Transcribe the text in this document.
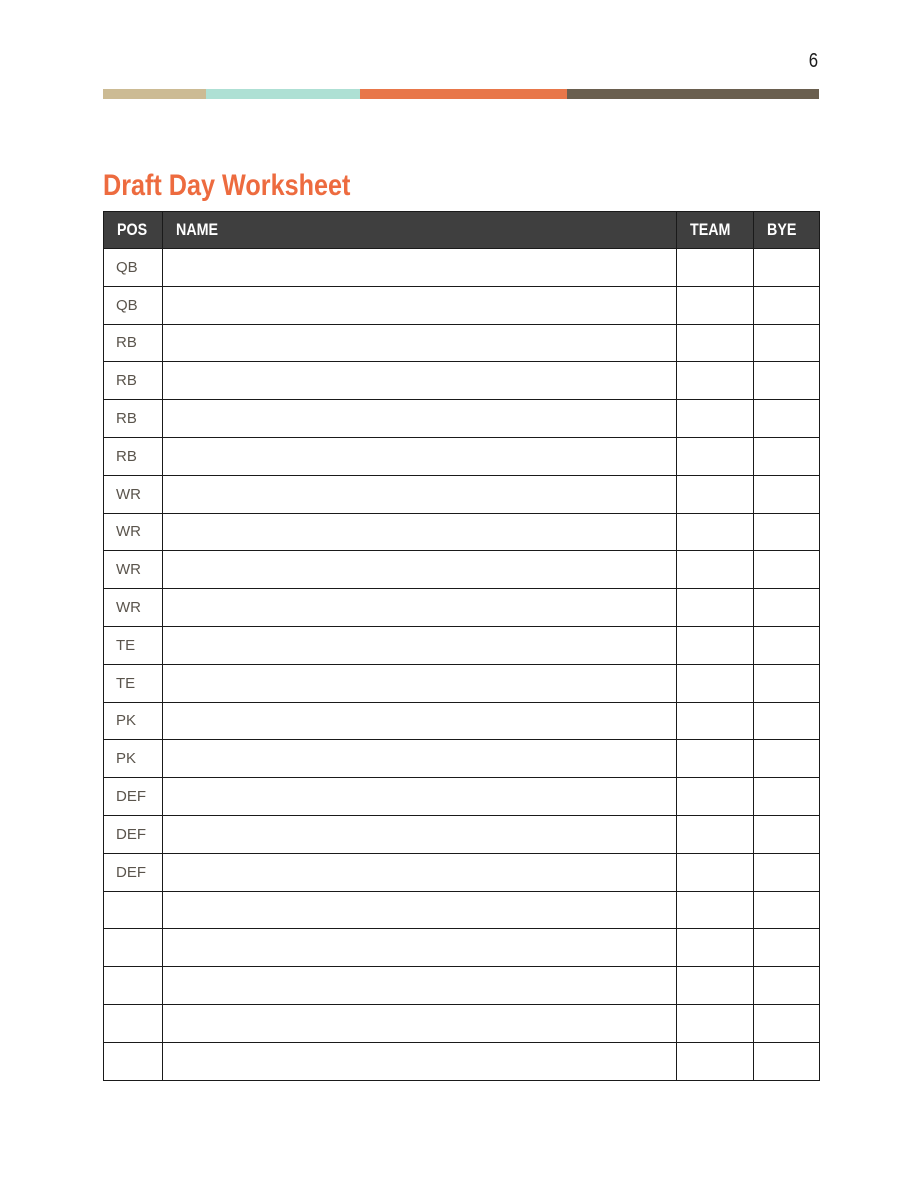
6
Draft Day Worksheet
POS	NAME	TEAM	BYE
QB			
QB			
RB			
RB			
RB			
RB			
WR			
WR			
WR			
WR			
TE			
TE			
PK			
PK			
DEF			
DEF			
DEF			
